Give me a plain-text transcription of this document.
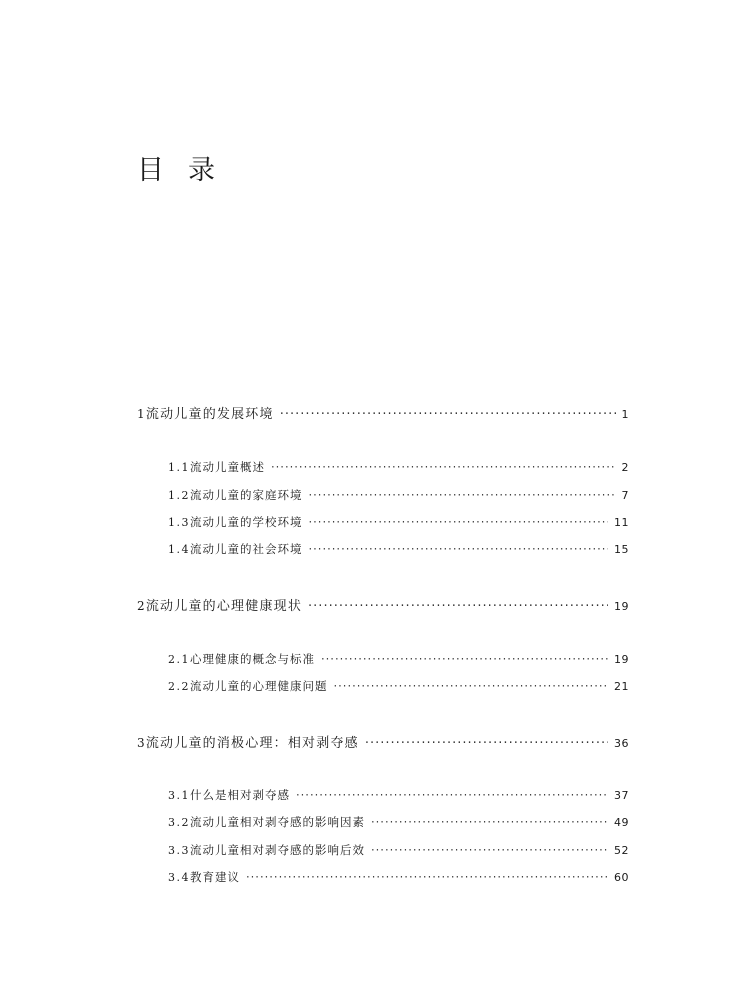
目 录
1 流动儿童的发展环境 ·····	1
1.1 流动儿童概述 ·····	2
1.2 流动儿童的家庭环境 ·····	7
1.3 流动儿童的学校环境 ·····	11
1.4 流动儿童的社会环境 ·····	15
2 流动儿童的心理健康现状 ·····	19
2.1 心理健康的概念与标准 ·····	19
2.2 流动儿童的心理健康问题 ·····	21
3 流动儿童的消极心理：相对剥夺感 ·····	36
3.1 什么是相对剥夺感 ·····	37
3.2 流动儿童相对剥夺感的影响因素 ·····	49
3.3 流动儿童相对剥夺感的影响后效 ·····	52
3.4 教育建议 ·····	60
